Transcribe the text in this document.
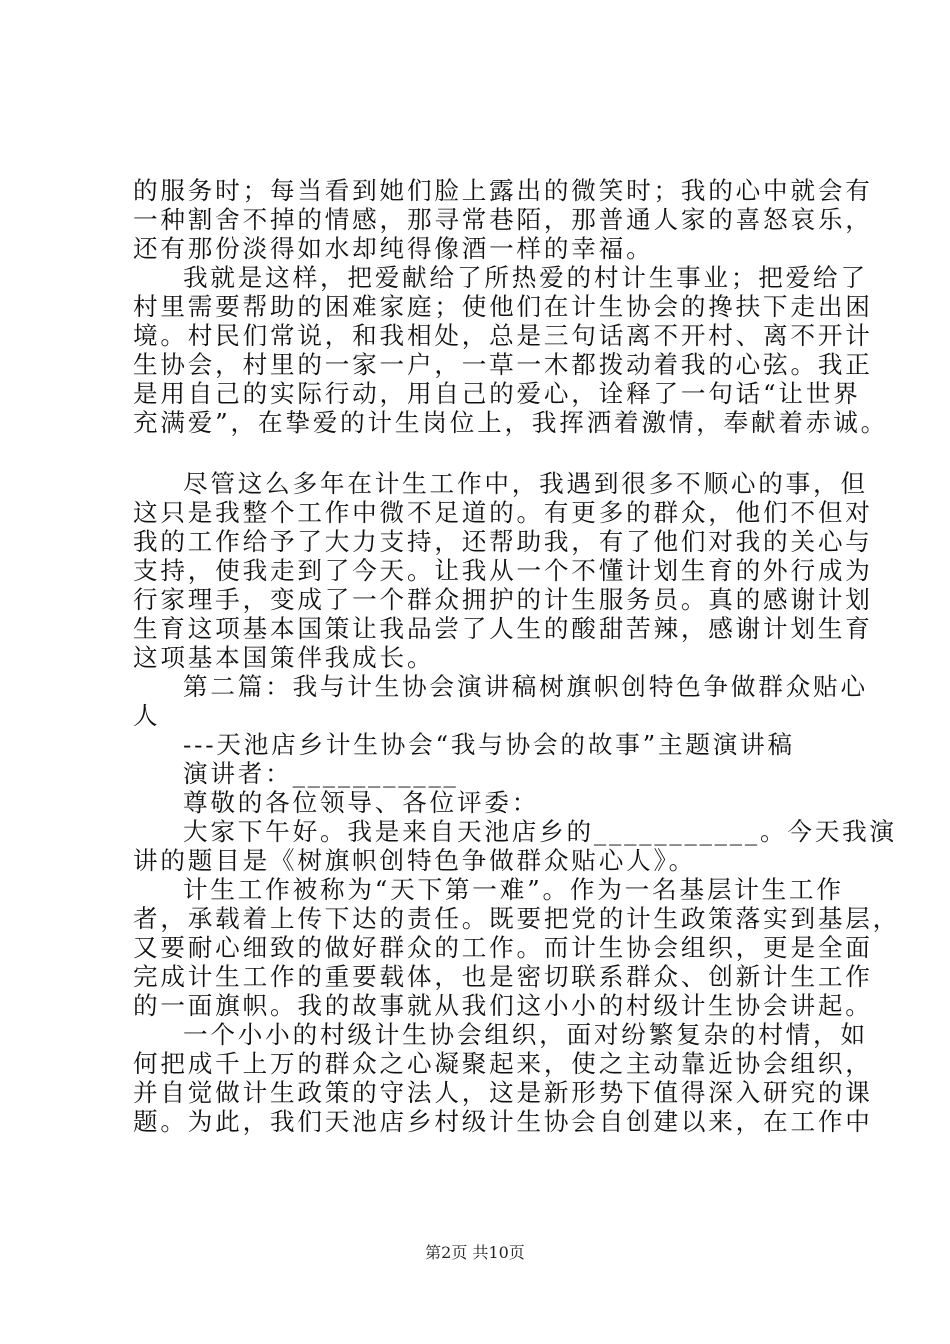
的服务时；每当看到她们脸上露出的微笑时；我的心中就会有
一种割舍不掉的情感，那寻常巷陌，那普通人家的喜怒哀乐，
还有那份淡得如水却纯得像酒一样的幸福。
我就是这样，把爱献给了所热爱的村计生事业；把爱给了
村里需要帮助的困难家庭；使他们在计生协会的搀扶下走出困
境。村民们常说，和我相处，总是三句话离不开村、离不开计
生协会，村里的一家一户，一草一木都拨动着我的心弦。我正
是用自己的实际行动，用自己的爱心，诠释了一句话“让世界
充满爱”，在挚爱的计生岗位上，我挥洒着激情，奉献着赤诚。
尽管这么多年在计生工作中，我遇到很多不顺心的事，但
这只是我整个工作中微不足道的。有更多的群众，他们不但对
我的工作给予了大力支持，还帮助我，有了他们对我的关心与
支持，使我走到了今天。让我从一个不懂计划生育的外行成为
行家理手，变成了一个群众拥护的计生服务员。真的感谢计划
生育这项基本国策让我品尝了人生的酸甜苦辣，感谢计划生育
这项基本国策伴我成长。
第二篇：我与计生协会演讲稿树旗帜创特色争做群众贴心
人
---天池店乡计生协会“我与协会的故事”主题演讲稿
演讲者：___________
尊敬的各位领导、各位评委：
大家下午好。我是来自天池店乡的___________。今天我演
讲的题目是《树旗帜创特色争做群众贴心人》。
计生工作被称为“天下第一难”。作为一名基层计生工作
者，承载着上传下达的责任。既要把党的计生政策落实到基层，
又要耐心细致的做好群众的工作。而计生协会组织，更是全面
完成计生工作的重要载体，也是密切联系群众、创新计生工作
的一面旗帜。我的故事就从我们这小小的村级计生协会讲起。
一个小小的村级计生协会组织，面对纷繁复杂的村情，如
何把成千上万的群众之心凝聚起来，使之主动靠近协会组织，
并自觉做计生政策的守法人，这是新形势下值得深入研究的课
题。为此，我们天池店乡村级计生协会自创建以来，在工作中
第2页 共10页
